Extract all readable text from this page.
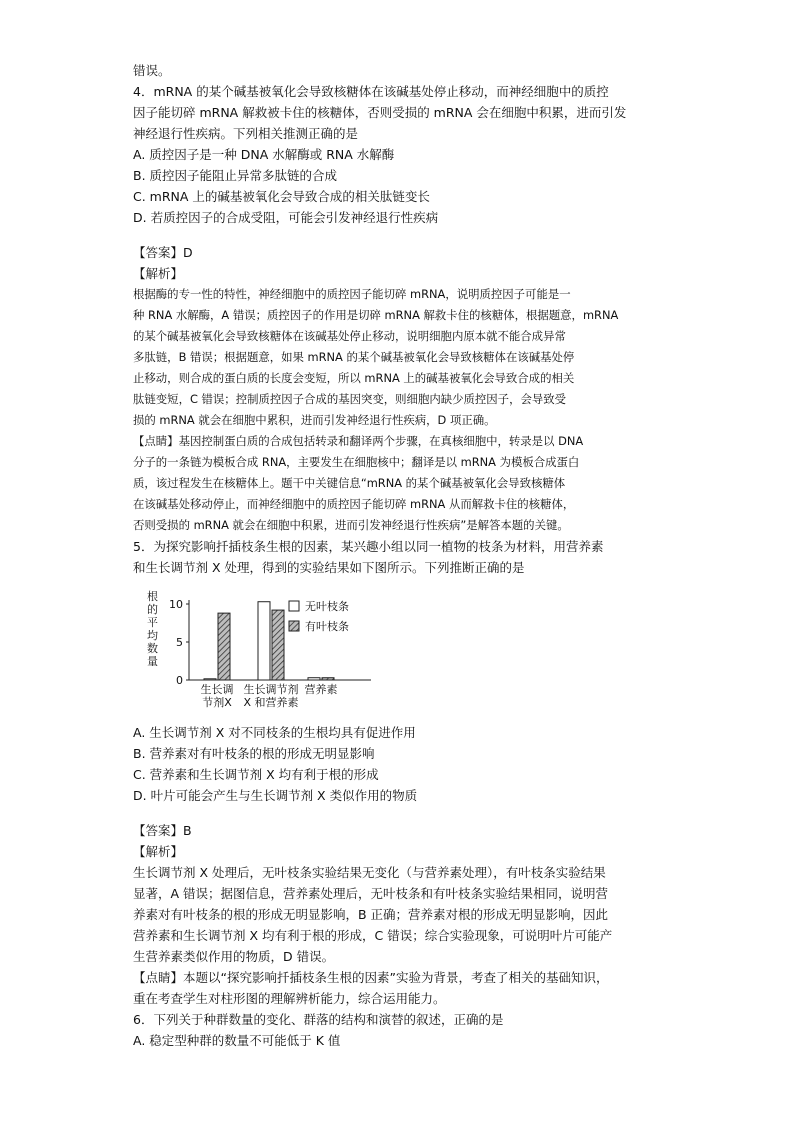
错误。
4．mRNA 的某个碱基被氧化会导致核糖体在该碱基处停止移动，而神经细胞中的质控
因子能切碎 mRNA 解救被卡住的核糖体，否则受损的 mRNA 会在细胞中积累，进而引发
神经退行性疾病。下列相关推测正确的是
A. 质控因子是一种 DNA 水解酶或 RNA 水解酶
B. 质控因子能阻止异常多肽链的合成
C. mRNA 上的碱基被氧化会导致合成的相关肽链变长
D. 若质控因子的合成受阻，可能会引发神经退行性疾病
【答案】D
【解析】
根据酶的专一性的特性，神经细胞中的质控因子能切碎 mRNA，说明质控因子可能是一
种 RNA 水解酶，A 错误；质控因子的作用是切碎 mRNA 解救卡住的核糖体，根据题意，mRNA
的某个碱基被氧化会导致核糖体在该碱基处停止移动，说明细胞内原本就不能合成异常
多肽链，B 错误；根据题意，如果 mRNA 的某个碱基被氧化会导致核糖体在该碱基处停
止移动，则合成的蛋白质的长度会变短，所以 mRNA 上的碱基被氧化会导致合成的相关
肽链变短，C 错误；控制质控因子合成的基因突变，则细胞内缺少质控因子，会导致受
损的 mRNA 就会在细胞中累积，进而引发神经退行性疾病，D 项正确。
【点睛】基因控制蛋白质的合成包括转录和翻译两个步骤，在真核细胞中，转录是以 DNA
分子的一条链为模板合成 RNA，主要发生在细胞核中；翻译是以 mRNA 为模板合成蛋白
质，该过程发生在核糖体上。题干中关键信息“mRNA 的某个碱基被氧化会导致核糖体
在该碱基处移动停止，而神经细胞中的质控因子能切碎 mRNA 从而解救卡住的核糖体，
否则受损的 mRNA 就会在细胞中积累，进而引发神经退行性疾病”是解答本题的关键。
5．为探究影响扦插枝条生根的因素，某兴趣小组以同一植物的枝条为材料，用营养素
和生长调节剂 X 处理，得到的实验结果如下图所示。下列推断正确的是
根
的
平
均
数
量
0
5
10
生长调
节剂X
生长调节剂
X 和营养素
营养素
无叶枝条
有叶枝条
A. 生长调节剂 X 对不同枝条的生根均具有促进作用
B. 营养素对有叶枝条的根的形成无明显影响
C. 营养素和生长调节剂 X 均有利于根的形成
D. 叶片可能会产生与生长调节剂 X 类似作用的物质
【答案】B
【解析】
生长调节剂 X 处理后，无叶枝条实验结果无变化（与营养素处理），有叶枝条实验结果
显著，A 错误；据图信息，营养素处理后，无叶枝条和有叶枝条实验结果相同，说明营
养素对有叶枝条的根的形成无明显影响，B 正确；营养素对根的形成无明显影响，因此
营养素和生长调节剂 X 均有利于根的形成，C 错误；综合实验现象，可说明叶片可能产
生营养素类似作用的物质，D 错误。
【点睛】本题以“探究影响扦插枝条生根的因素”实验为背景，考查了相关的基础知识，
重在考查学生对柱形图的理解辨析能力，综合运用能力。
6．下列关于种群数量的变化、群落的结构和演替的叙述，正确的是
A. 稳定型种群的数量不可能低于 K 值
